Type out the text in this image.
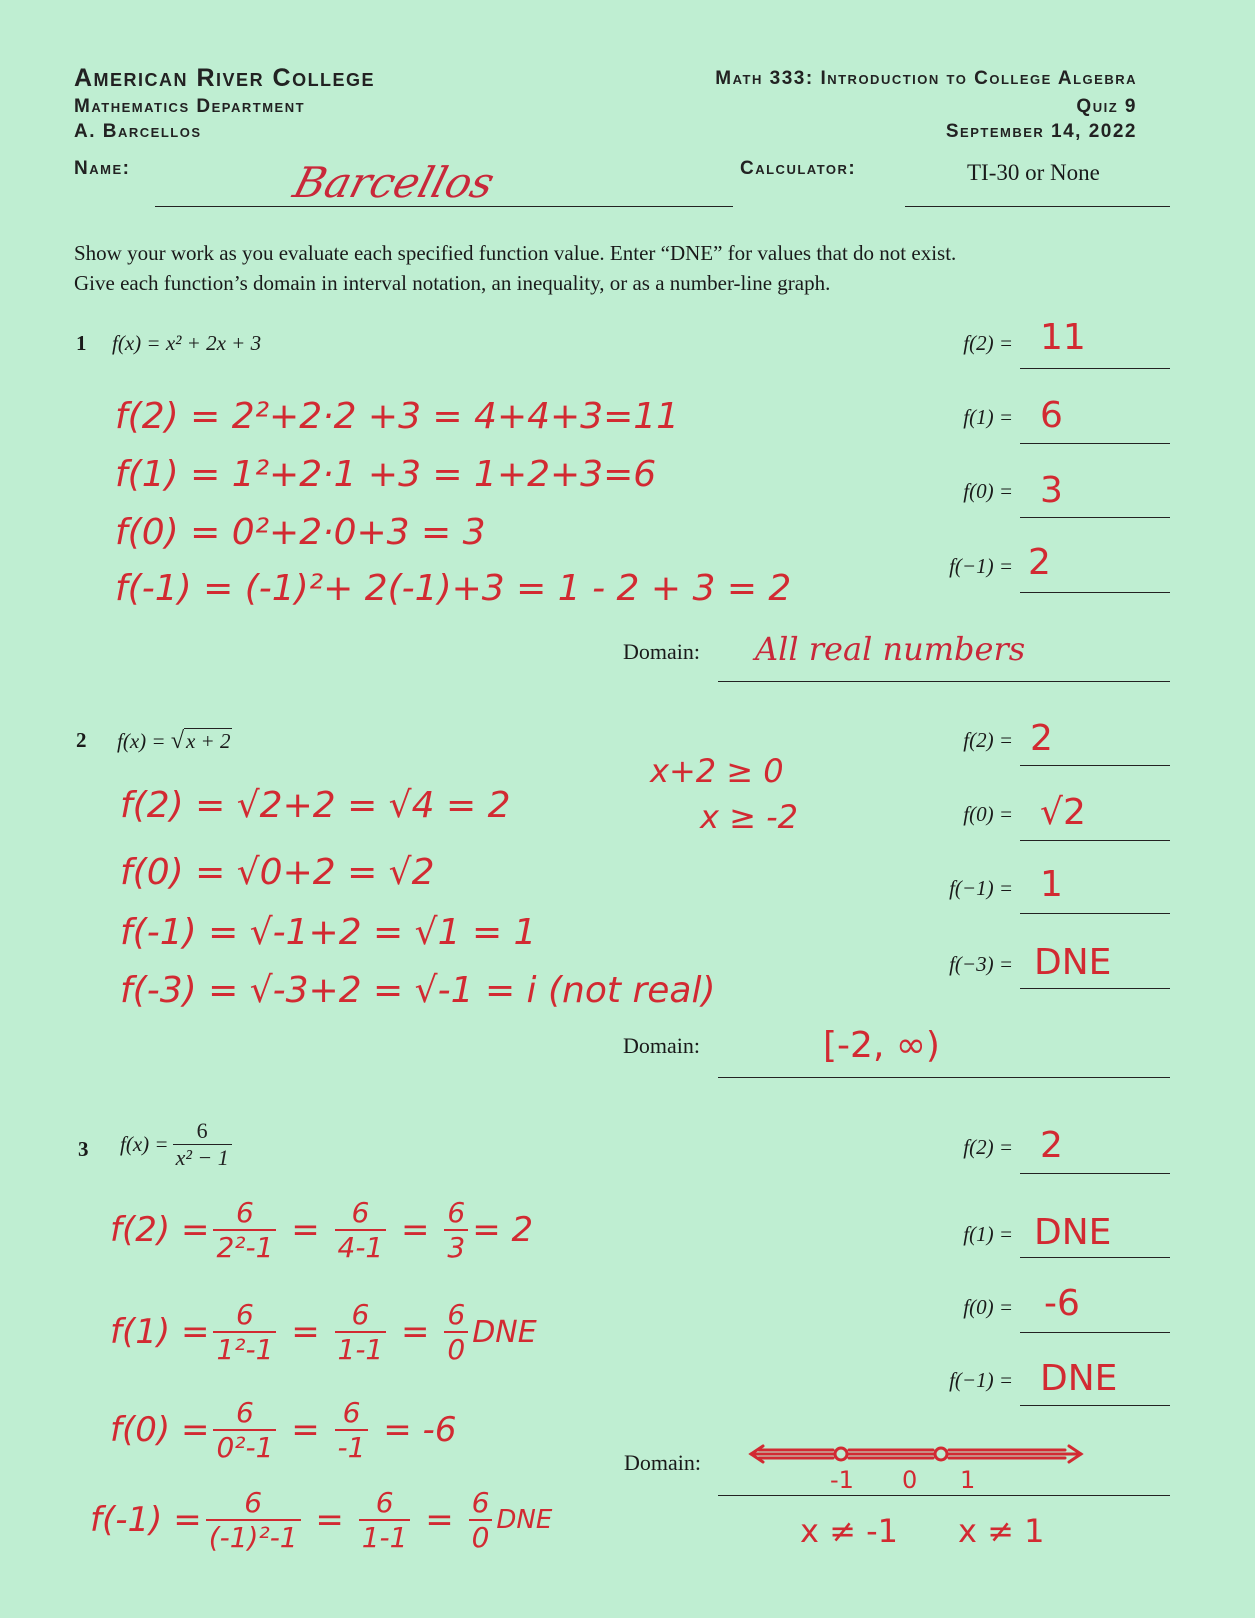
American River College
Mathematics Department
A. Barcellos
Math 333: Introduction to College Algebra
Quiz 9
September 14, 2022
Name:	Barcellos	Calculator:	TI-30 or None
Show your work as you evaluate each specified function value. Enter “DNE” for values that do not exist.
Give each function’s domain in interval notation, an inequality, or as a number-line graph.
1 f(x) = x² + 2x + 3
f(2) = 2²+2·2 +3 = 4+4+3=11
f(1) = 1²+2·1 +3 = 1+2+3=6
f(0) = 0²+2·0+3 = 3
f(-1) = (-1)²+ 2(-1)+3 = 1 - 2 + 3 = 2
f(2) = 11
f(1) = 6
f(0) = 3
f(−1) = 2
Domain: All real numbers
2 f(x) = √x + 2
x+2 ≥ 0
x ≥ -2
f(2) = √2+2 = √4 = 2
f(0) = √0+2 = √2
f(-1) = √-1+2 = √1 = 1
f(-3) = √-3+2 = √-1 = i (not real)
f(2) = 2
f(0) = √2
f(−1) = 1
f(−3) = DNE
Domain:	[-2, ∞)
3 $f(x) = \frac{6}{\text{x² − 1}}$
$f(2) = \frac{6}{\text{2²-1}} = \frac{6}{4-1} = \frac{6}{3} = 2$
$f(1) = \frac{6}{\text{1²-1}} = \frac{6}{1-1} = \frac{6}{0}$ DNE
$f(0) = \frac{6}{\text{0²-1}} = \frac{6}{-1}$
= -6
$f(-1) = \frac{6}{\text{(-1)²-1}} = \frac{6}{1-1} = \frac{6}{0}$ DNE
f(2) = 2
f(1) = DNE
f(0) = -6
f(−1) = DNE
Domain:
-1 0 1
x ≠ -1 x ≠ 1
